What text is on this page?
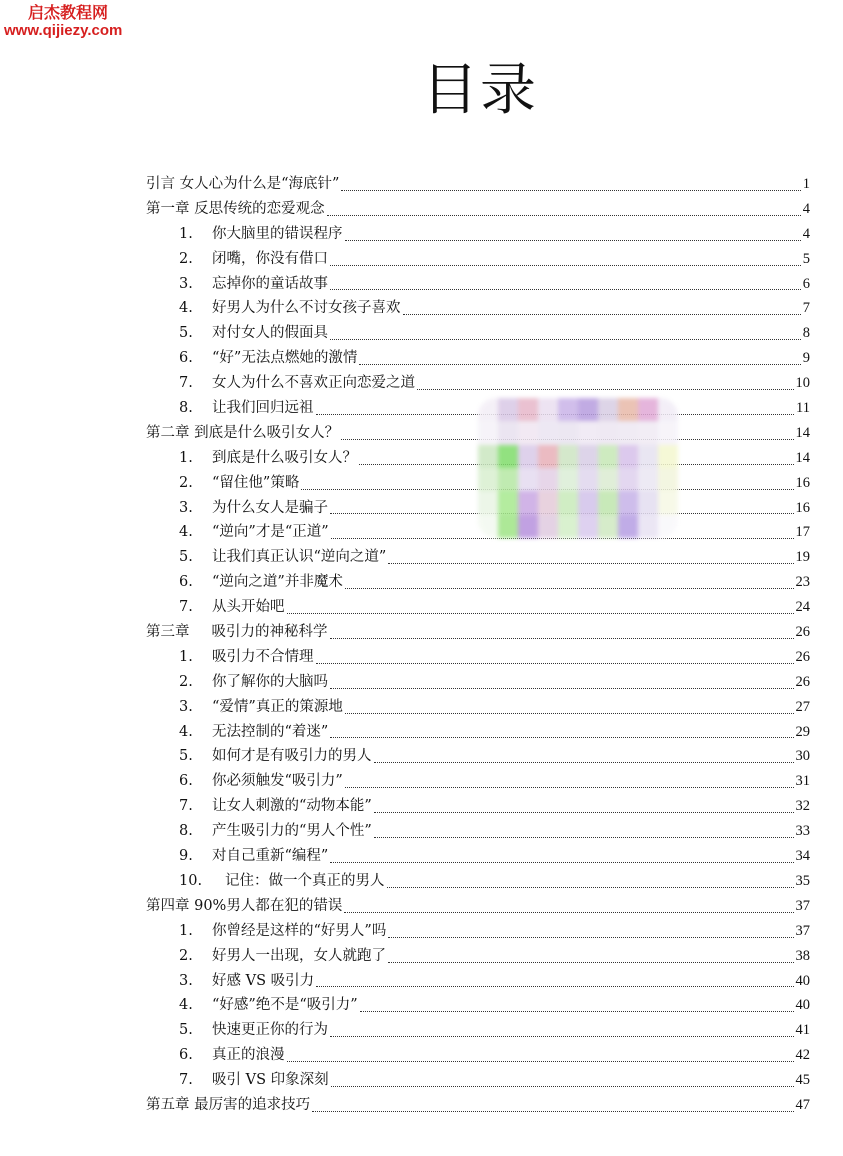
启杰教程网
www.qijiezy.com
目录
引言 女人心为什么是“海底针”	1
第一章 反思传统的恋爱观念	4
1.	你大脑里的错误程序	4
2.	闭嘴，你没有借口	5
3.	忘掉你的童话故事	6
4.	好男人为什么不讨女孩子喜欢	7
5.	对付女人的假面具	8
6.	“好”无法点燃她的激情	9
7.	女人为什么不喜欢正向恋爱之道	10
8.	让我们回归远祖	11
第二章 到底是什么吸引女人？	14
1.	到底是什么吸引女人？	14
2.	“留住他”策略	16
3.	为什么女人是骗子	16
4.	“逆向”才是“正道”	17
5.	让我们真正认识“逆向之道”	19
6.	“逆向之道”并非魔术	23
7.	从头开始吧	24
第三章	吸引力的神秘科学	26
1.	吸引力不合情理	26
2.	你了解你的大脑吗	26
3.	“爱情”真正的策源地	27
4.	无法控制的“着迷”	29
5.	如何才是有吸引力的男人	30
6.	你必须触发“吸引力”	31
7.	让女人刺激的“动物本能”	32
8.	产生吸引力的“男人个性”	33
9.	对自己重新“编程”	34
10.	记住：做一个真正的男人	35
第四章 90%男人都在犯的错误	37
1.	你曾经是这样的“好男人”吗	37
2.	好男人一出现，女人就跑了	38
3.	好感 VS 吸引力	40
4.	“好感”绝不是“吸引力”	40
5.	快速更正你的行为	41
6.	真正的浪漫	42
7.	吸引 VS 印象深刻	45
第五章 最厉害的追求技巧	47
